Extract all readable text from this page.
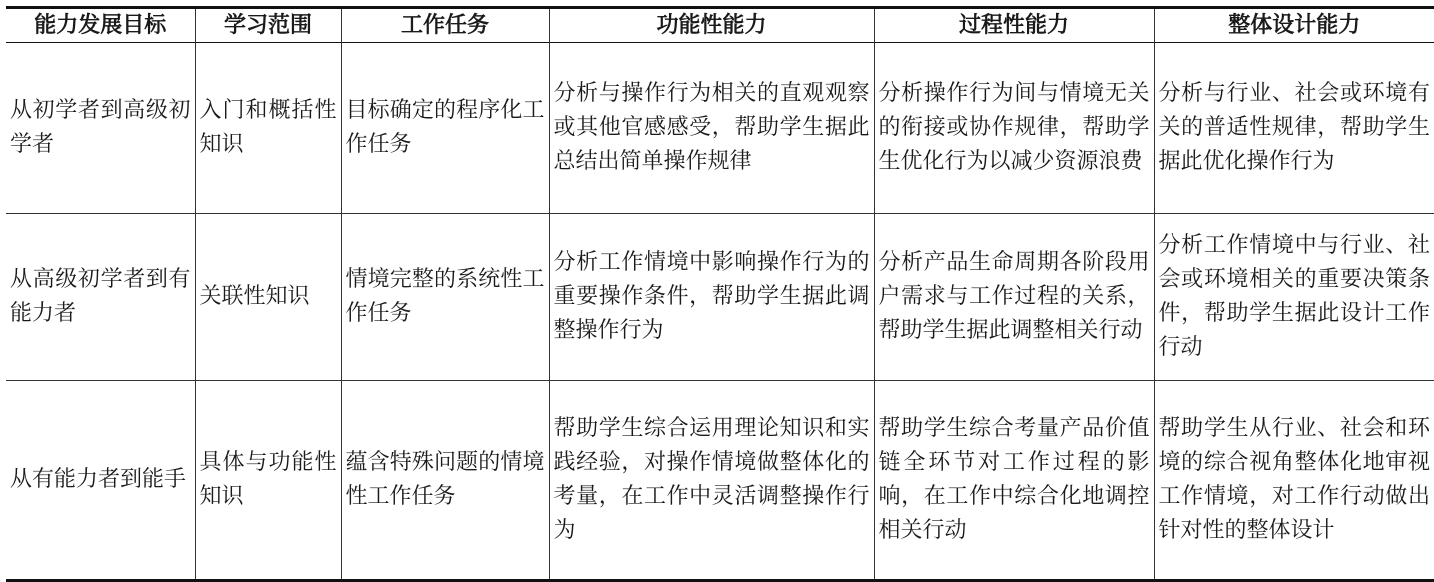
能力发展目标	学习范围	工作任务	功能性能力	过程性能力	整体设计能力
从初学者到高级初学者	入门和概括性知识	目标确定的程序化工作任务	分析与操作行为相关的直观观察或其他官感感受，帮助学生据此总结出简单操作规律	分析操作行为间与情境无关的衔接或协作规律，帮助学生优化行为以减少资源浪费	分析与行业、社会或环境有关的普适性规律，帮助学生据此优化操作行为
从高级初学者到有能力者	关联性知识	情境完整的系统性工作任务	分析工作情境中影响操作行为的重要操作条件，帮助学生据此调整操作行为	分析产品生命周期各阶段用户需求与工作过程的关系，帮助学生据此调整相关行动	分析工作情境中与行业、社会或环境相关的重要决策条件，帮助学生据此设计工作行动
从有能力者到能手	具体与功能性知识	蕴含特殊问题的情境性工作任务	帮助学生综合运用理论知识和实践经验，对操作情境做整体化的考量，在工作中灵活调整操作行为	帮助学生综合考量产品价值链全环节对工作过程的影响，在工作中综合化地调控相关行动	帮助学生从行业、社会和环境的综合视角整体化地审视工作情境，对工作行动做出针对性的整体设计
